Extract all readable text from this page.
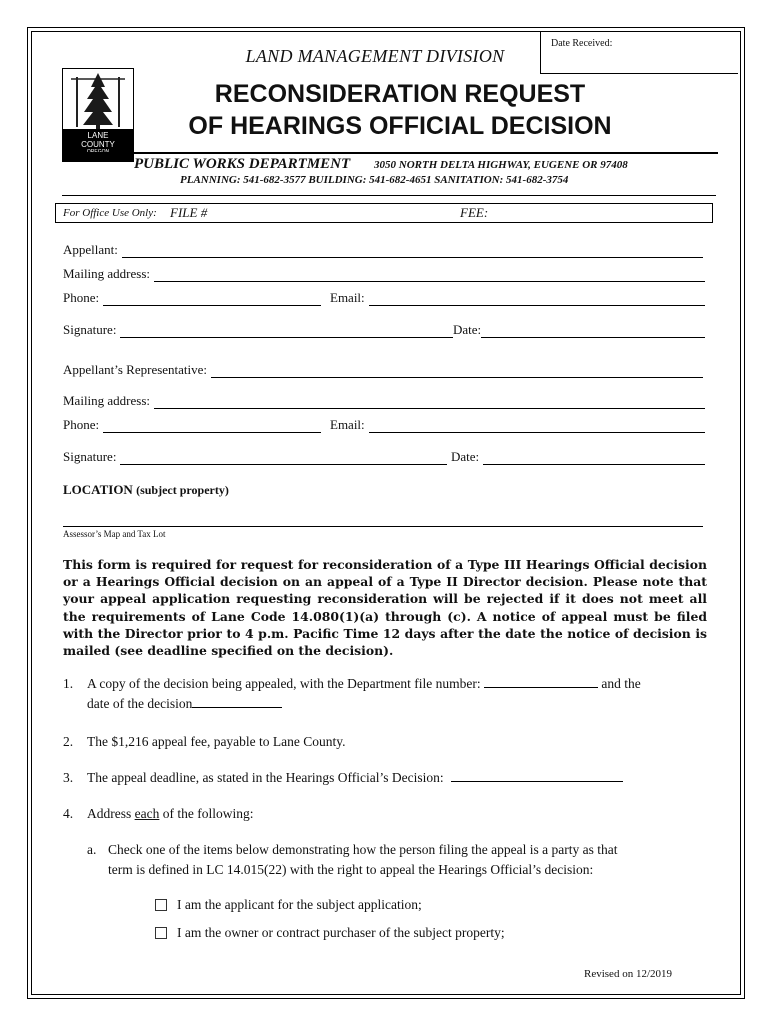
Date Received:
LAND MANAGEMENT DIVISION
LANE
COUNTY
OREGON
RECONSIDERATION REQUEST
OF HEARINGS OFFICIAL DECISION
PUBLIC WORKS DEPARTMENT 3050 NORTH DELTA HIGHWAY, EUGENE OR 97408
PLANNING: 541-682-3577 BUILDING: 541-682-4651 SANITATION: 541-682-3754
For Office Use Only: FILE #	FEE:
Appellant:
Mailing address:
Phone:	Email:
Signature:	Date:
Appellant’s Representative:
Mailing address:
Phone:	Email:
Signature:	Date:
LOCATION (subject property)
Assessor’s Map and Tax Lot
This form is required for request for reconsideration of a Type III Hearings Official decision or a Hearings Official decision on an appeal of a Type II Director decision. Please note that your appeal application requesting reconsideration will be rejected if it does not meet all the requirements of Lane Code 14.080(1)(a) through (c). A notice of appeal must be filed with the Director prior to 4 p.m. Pacific Time 12 days after the date the notice of decision is mailed (see deadline specified on the decision).
1. A copy of the decision being appealed, with the Department file number:	and the
date of the decision
2. The $1,216 appeal fee, payable to Lane County.
3. The appeal deadline, as stated in the Hearings Official’s Decision:
4. Address each of the following:
a. Check one of the items below demonstrating how the person filing the appeal is a party as that
term is defined in LC 14.015(22) with the right to appeal the Hearings Official’s decision:
I am the applicant for the subject application;
I am the owner or contract purchaser of the subject property;
Revised on 12/2019
